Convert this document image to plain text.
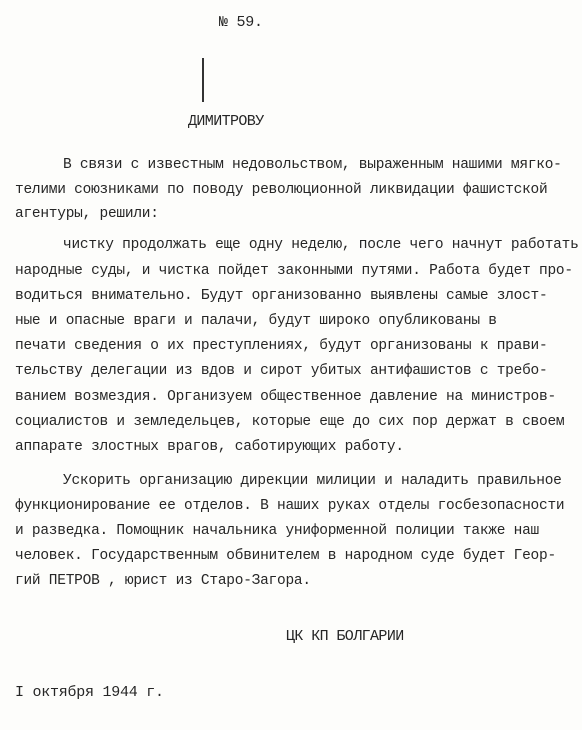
№ 59.
ДИМИТРОВУ
В связи с известным недовольством, выраженным нашими мягко-
телими союзниками по поводу революционной ликвидации фашистской
агентуры, решили:
чистку продолжать еще одну неделю, после чего начнут работать
народные суды, и чистка пойдет законными путями. Работа будет про-
водиться внимательно. Будут организованно выявлены самые злост-
ные и опасные враги и палачи, будут широко опубликованы в
печати сведения о их преступлениях, будут организованы к прави-
тельству делегации из вдов и сирот убитых антифашистов с требо-
ванием возмездия. Организуем общественное давление на министров-
социалистов и земледельцев, которые еще до сих пор держат в своем
аппарате злостных врагов, саботирующих работу.
Ускорить организацию дирекции милиции и наладить правильное
функционирование ее отделов. В наших руках отделы госбезопасности
и разведка. Помощник начальника униформенной полиции также наш
человек. Государственным обвинителем в народном суде будет Геор-
гий ПЕТРОВ , юрист из Старо-Загора.
ЦК КП БОЛГАРИИ
I октября 1944 г.
